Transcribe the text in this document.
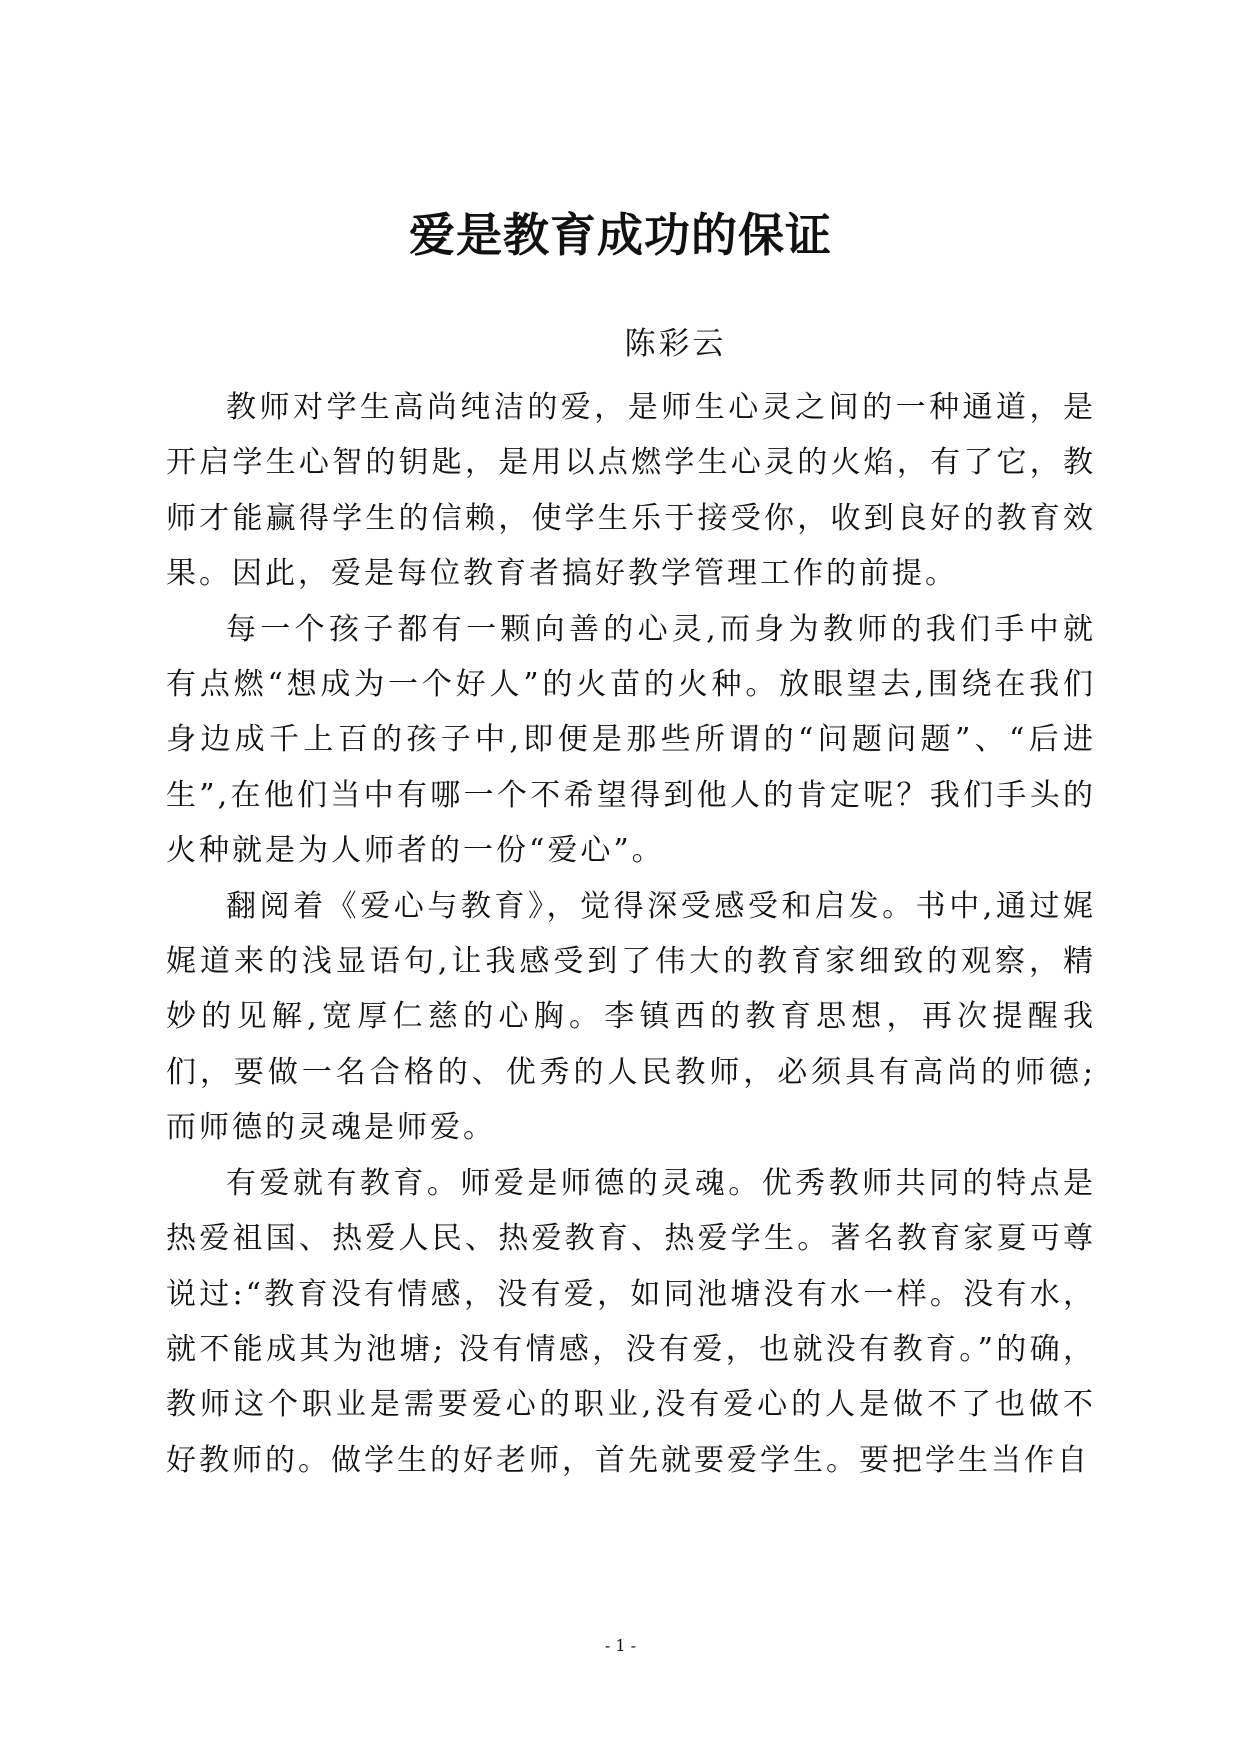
爱是教育成功的保证
陈彩云

教师对学生高尚纯洁的爱，是师生心灵之间的一种通道，是开启学生心智的钥匙，是用以点燃学生心灵的火焰，有了它，教师才能赢得学生的信赖，使学生乐于接受你，收到良好的教育效果。因此，爱是每位教育者搞好教学管理工作的前提。

每一个孩子都有一颗向善的心灵,而身为教师的我们手中就有点燃“想成为一个好人”的火苗的火种。放眼望去,围绕在我们身边成千上百的孩子中,即便是那些所谓的“问题问题”、“后进生”,在他们当中有哪一个不希望得到他人的肯定呢？我们手头的火种就是为人师者的一份“爱心”。

翻阅着《爱心与教育》，觉得深受感受和启发。书中,通过娓娓道来的浅显语句,让我感受到了伟大的教育家细致的观察，精妙的见解,宽厚仁慈的心胸。李镇西的教育思想，再次提醒我们，要做一名合格的、优秀的人民教师，必须具有高尚的师德; 而师德的灵魂是师爱。

有爱就有教育。师爱是师德的灵魂。优秀教师共同的特点是热爱祖国、热爱人民、热爱教育、热爱学生。著名教育家夏丏尊说过:“教育没有情感，没有爱，如同池塘没有水一样。没有水，就不能成其为池塘; 没有情感，没有爱，也就没有教育。”的确，教师这个职业是需要爱心的职业,没有爱心的人是做不了也做不好教师的。做学生的好老师，首先就要爱学生。要把学生当作自

- 1 -
